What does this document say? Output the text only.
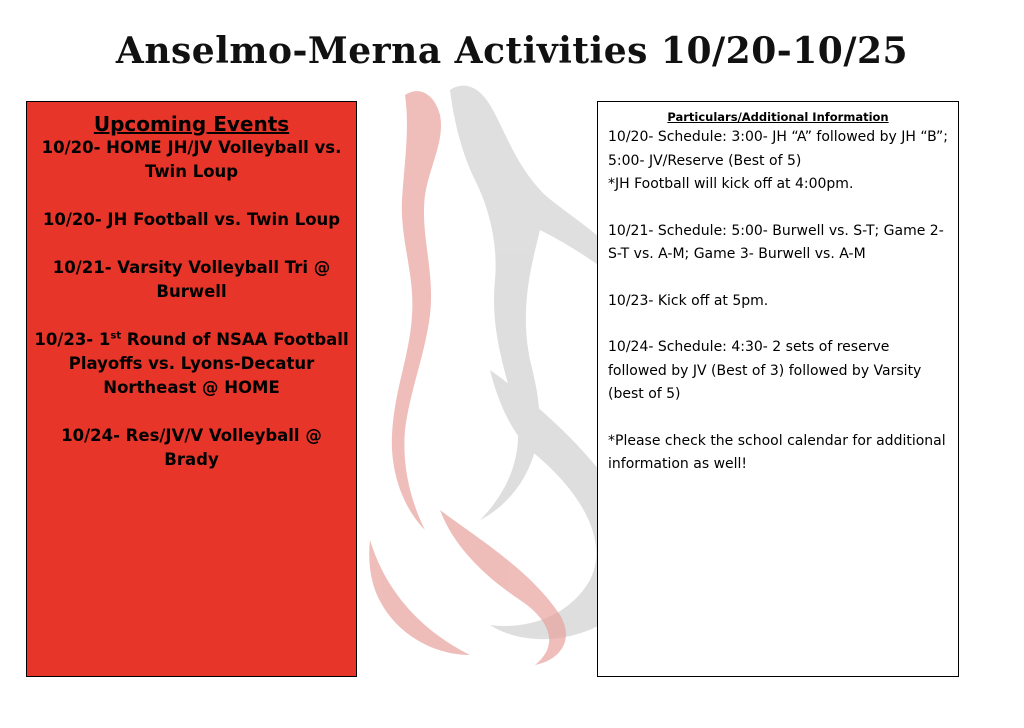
Anselmo-Merna Activities 10/20-10/25
Upcoming Events
10/20- HOME JH/JV Volleyball vs. Twin Loup
10/20- JH Football vs. Twin Loup
10/21- Varsity Volleyball Tri @ Burwell
10/23- 1st Round of NSAA Football Playoffs vs. Lyons-Decatur Northeast @ HOME
10/24- Res/JV/V Volleyball @ Brady
Particulars/Additional Information
10/20- Schedule: 3:00- JH “A” followed by JH “B”; 5:00- JV/Reserve (Best of 5)
*JH Football will kick off at 4:00pm.
10/21- Schedule: 5:00- Burwell vs. S-T; Game 2- S-T vs. A-M; Game 3- Burwell vs. A-M
10/23- Kick off at 5pm.
10/24- Schedule: 4:30- 2 sets of reserve followed by JV (Best of 3) followed by Varsity (best of 5)
*Please check the school calendar for additional information as well!
